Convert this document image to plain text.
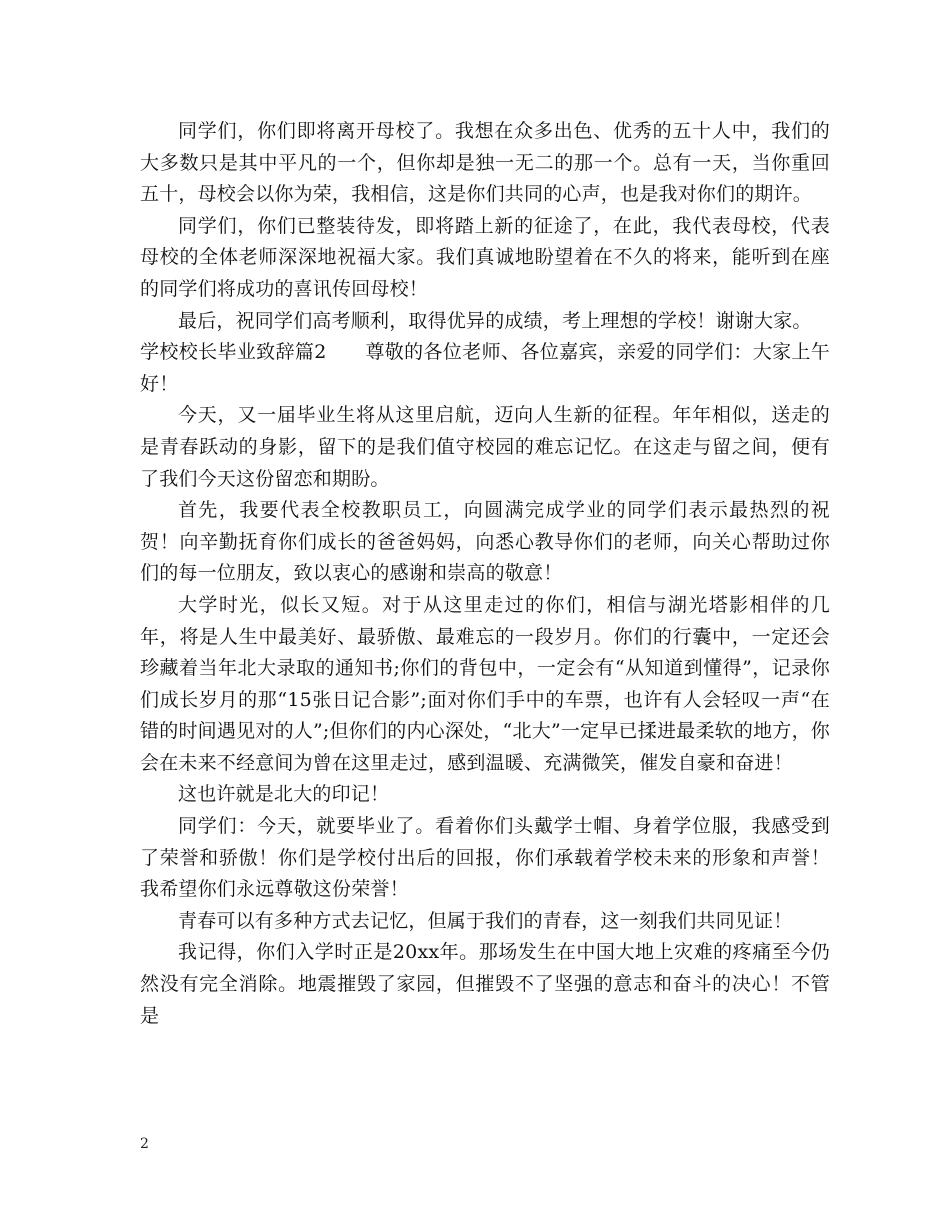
同学们，你们即将离开母校了。我想在众多出色、优秀的五十人中，我们的大多数只是其中平凡的一个，但你却是独一无二的那一个。总有一天，当你重回五十，母校会以你为荣，我相信，这是你们共同的心声，也是我对你们的期许。

同学们，你们已整装待发，即将踏上新的征途了，在此，我代表母校，代表母校的全体老师深深地祝福大家。我们真诚地盼望着在不久的将来，能听到在座的同学们将成功的喜讯传回母校！

最后，祝同学们高考顺利，取得优异的成绩，考上理想的学校！谢谢大家。

学校校长毕业致辞篇2　　尊敬的各位老师、各位嘉宾，亲爱的同学们：大家上午好！

今天，又一届毕业生将从这里启航，迈向人生新的征程。年年相似，送走的是青春跃动的身影，留下的是我们值守校园的难忘记忆。在这走与留之间，便有了我们今天这份留恋和期盼。

首先，我要代表全校教职员工，向圆满完成学业的同学们表示最热烈的祝贺！向辛勤抚育你们成长的爸爸妈妈，向悉心教导你们的老师，向关心帮助过你们的每一位朋友，致以衷心的感谢和崇高的敬意！

大学时光，似长又短。对于从这里走过的你们，相信与湖光塔影相伴的几年，将是人生中最美好、最骄傲、最难忘的一段岁月。你们的行囊中，一定还会珍藏着当年北大录取的通知书;你们的背包中，一定会有“从知道到懂得”，记录你们成长岁月的那“15张日记合影”;面对你们手中的车票，也许有人会轻叹一声“在错的时间遇见对的人”;但你们的内心深处，“北大”一定早已揉进最柔软的地方，你会在未来不经意间为曾在这里走过，感到温暖、充满微笑，催发自豪和奋进！

这也许就是北大的印记！

同学们：今天，就要毕业了。看着你们头戴学士帽、身着学位服，我感受到了荣誉和骄傲！你们是学校付出后的回报，你们承载着学校未来的形象和声誉！我希望你们永远尊敬这份荣誉！

青春可以有多种方式去记忆，但属于我们的青春，这一刻我们共同见证！

我记得，你们入学时正是20xx年。那场发生在中国大地上灾难的疼痛至今仍然没有完全消除。地震摧毁了家园，但摧毁不了坚强的意志和奋斗的决心！不管是

2
